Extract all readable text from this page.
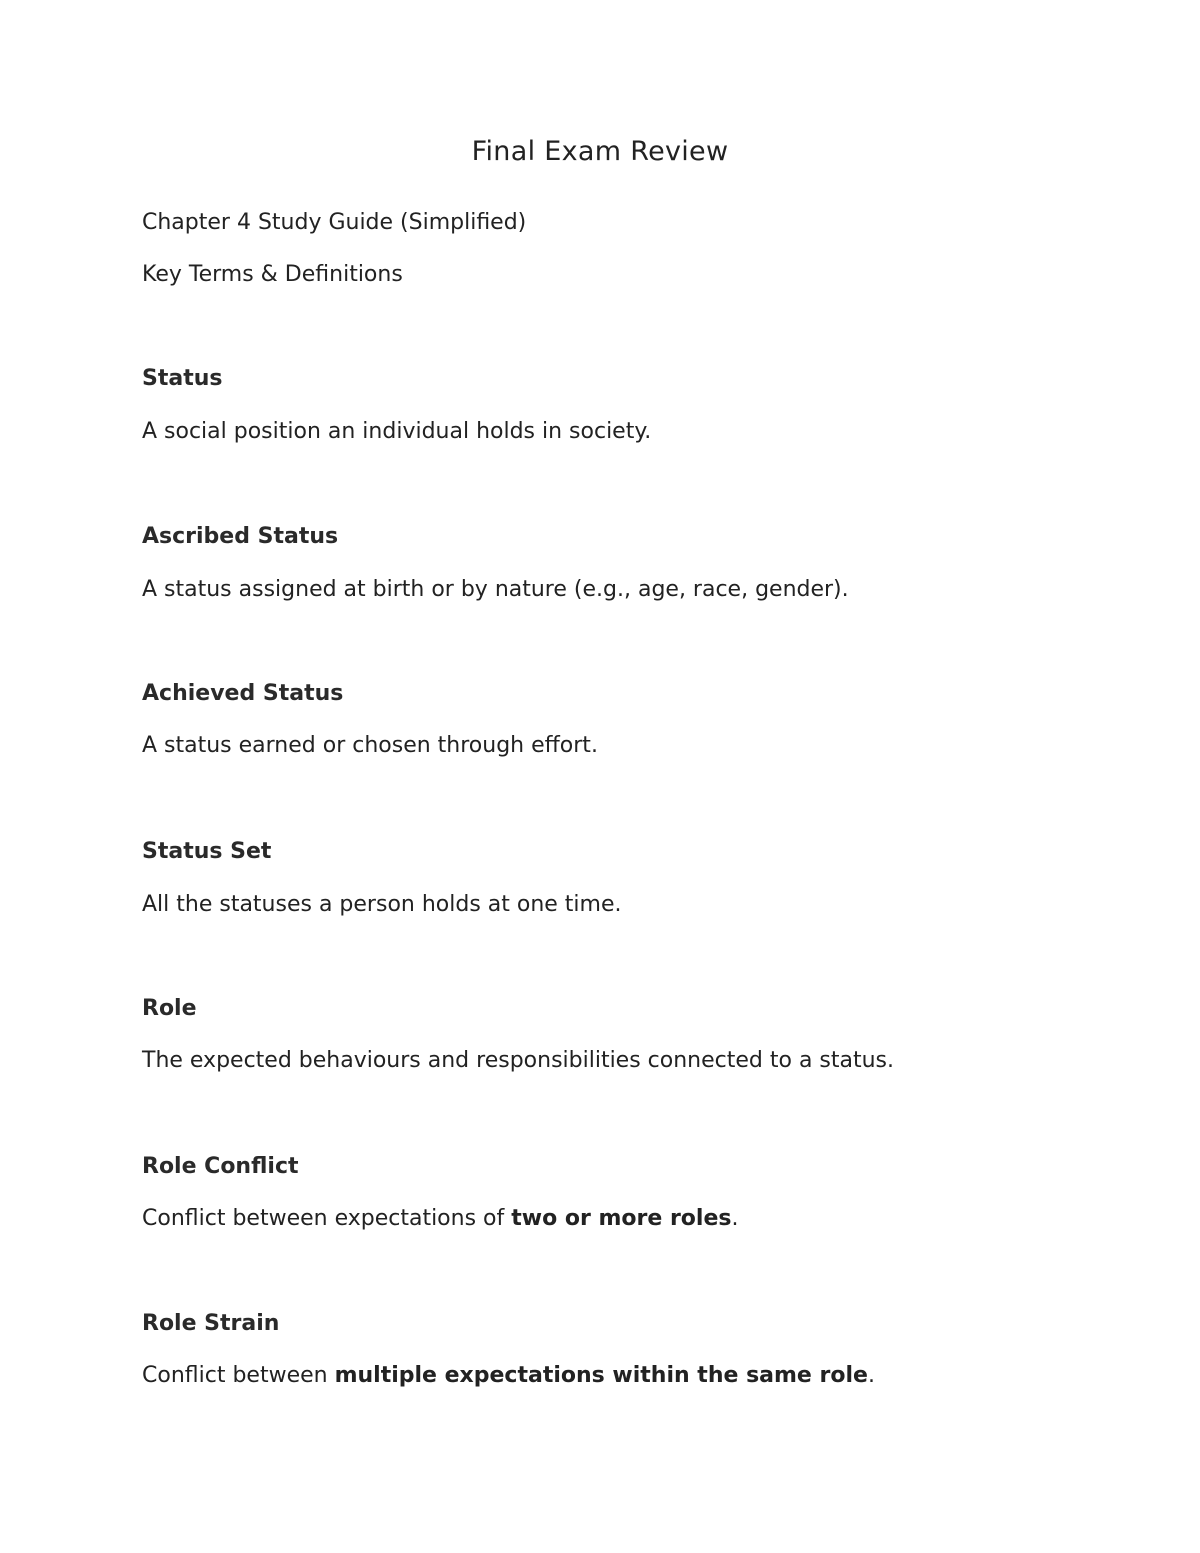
Final Exam Review

Chapter 4 Study Guide (Simplified)

Key Terms & Definitions

Status

A social position an individual holds in society.

Ascribed Status

A status assigned at birth or by nature (e.g., age, race, gender).

Achieved Status

A status earned or chosen through effort.

Status Set

All the statuses a person holds at one time.

Role

The expected behaviours and responsibilities connected to a status.

Role Conflict

Conflict between expectations of two or more roles.

Role Strain

Conflict between multiple expectations within the same role.
